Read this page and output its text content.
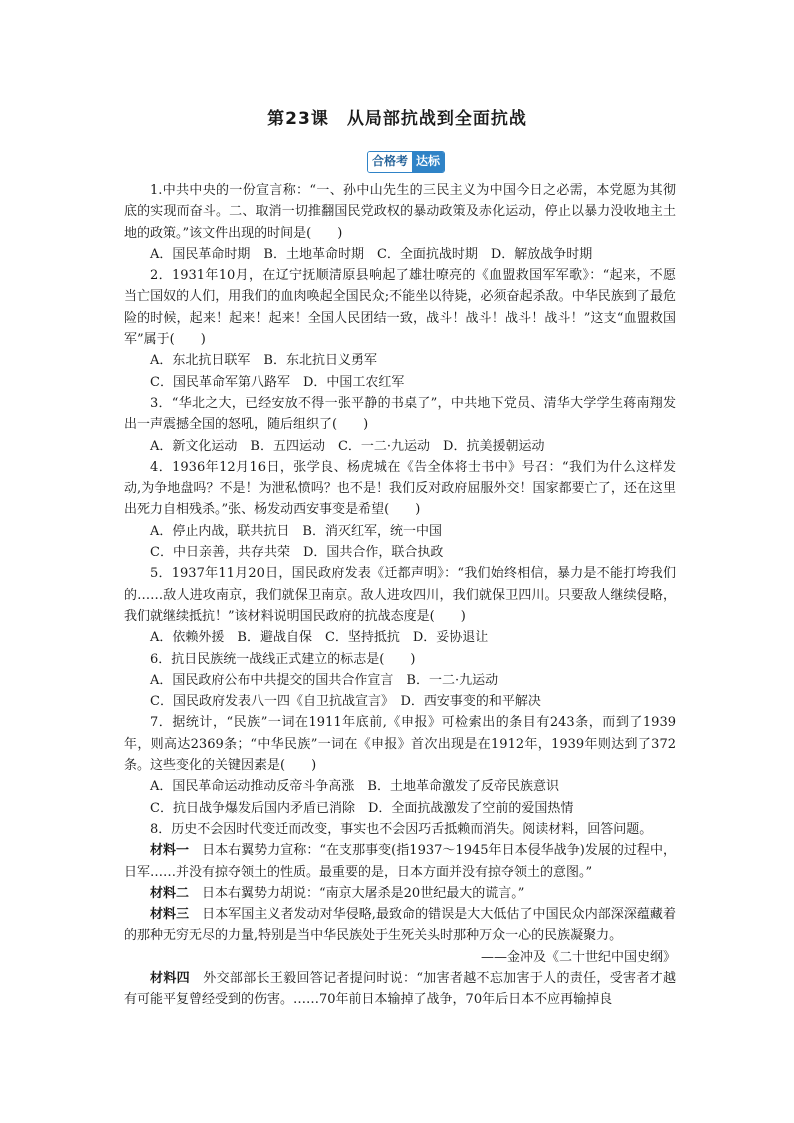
第23课　从局部抗战到全面抗战
合格考 达标

1.中共中央的一份宣言称：“一、孙中山先生的三民主义为中国今日之必需，本党愿为其彻底的实现而奋斗。二、取消一切推翻国民党政权的暴动政策及赤化运动，停止以暴力没收地主土地的政策。”该文件出现的时间是(　　)

A．国民革命时期　B．土地革命时期　C．全面抗战时期　D．解放战争时期

2．1931年10月，在辽宁抚顺清原县响起了雄壮嘹亮的《血盟救国军军歌》：“起来，不愿当亡国奴的人们，用我们的血肉唤起全国民众;不能坐以待毙，必须奋起杀敌。中华民族到了最危险的时候，起来！起来！起来！全国人民团结一致，战斗！战斗！战斗！战斗！”这支“血盟救国军”属于(　　)

A．东北抗日联军　B．东北抗日义勇军

C．国民革命军第八路军　D．中国工农红军

3．“华北之大，已经安放不得一张平静的书桌了”，中共地下党员、清华大学学生蒋南翔发出一声震撼全国的怒吼，随后组织了(　　)

A．新文化运动　B．五四运动　C．一二·九运动　D．抗美援朝运动

4．1936年12月16日，张学良、杨虎城在《告全体将士书中》号召：“我们为什么这样发动,为争地盘吗？不是！为泄私愤吗？也不是！我们反对政府屈服外交！国家都要亡了，还在这里出死力自相残杀。”张、杨发动西安事变是希望(　　)

A．停止内战，联共抗日　B．消灭红军，统一中国

C．中日亲善，共存共荣　D．国共合作，联合执政

5．1937年11月20日，国民政府发表《迁都声明》：“我们始终相信，暴力是不能打垮我们的……敌人进攻南京，我们就保卫南京。敌人进攻四川，我们就保卫四川。只要敌人继续侵略，我们就继续抵抗！”该材料说明国民政府的抗战态度是(　　)

A．依赖外援　B．避战自保　C．坚持抵抗　D．妥协退让

6．抗日民族统一战线正式建立的标志是(　　)

A．国民政府公布中共提交的国共合作宣言　B．一二·九运动

C．国民政府发表八一四《自卫抗战宣言》　D．西安事变的和平解决

7．据统计，“民族”一词在1911年底前,《申报》可检索出的条目有243条，而到了1939年，则高达2369条；“中华民族”一词在《申报》首次出现是在1912年，1939年则达到了372条。这些变化的关键因素是(　　)

A．国民革命运动推动反帝斗争高涨　B．土地革命激发了反帝民族意识

C．抗日战争爆发后国内矛盾已消除　D．全面抗战激发了空前的爱国热情

8．历史不会因时代变迁而改变，事实也不会因巧舌抵赖而消失。阅读材料，回答问题。

材料一　日本右翼势力宣称：“在支那事变(指1937～1945年日本侵华战争)发展的过程中，日军……并没有掠夺领土的性质。最重要的是，日本方面并没有掠夺领土的意图。”

材料二　日本右翼势力胡说：“南京大屠杀是20世纪最大的谎言。”

材料三　日本军国主义者发动对华侵略,最致命的错误是大大低估了中国民众内部深深蕴藏着的那种无穷无尽的力量,特别是当中华民族处于生死关头时那种万众一心的民族凝聚力。

——金冲及《二十世纪中国史纲》

材料四　外交部部长王毅回答记者提问时说：“加害者越不忘加害于人的责任，受害者才越有可能平复曾经受到的伤害。……70年前日本输掉了战争，70年后日本不应再输掉良
